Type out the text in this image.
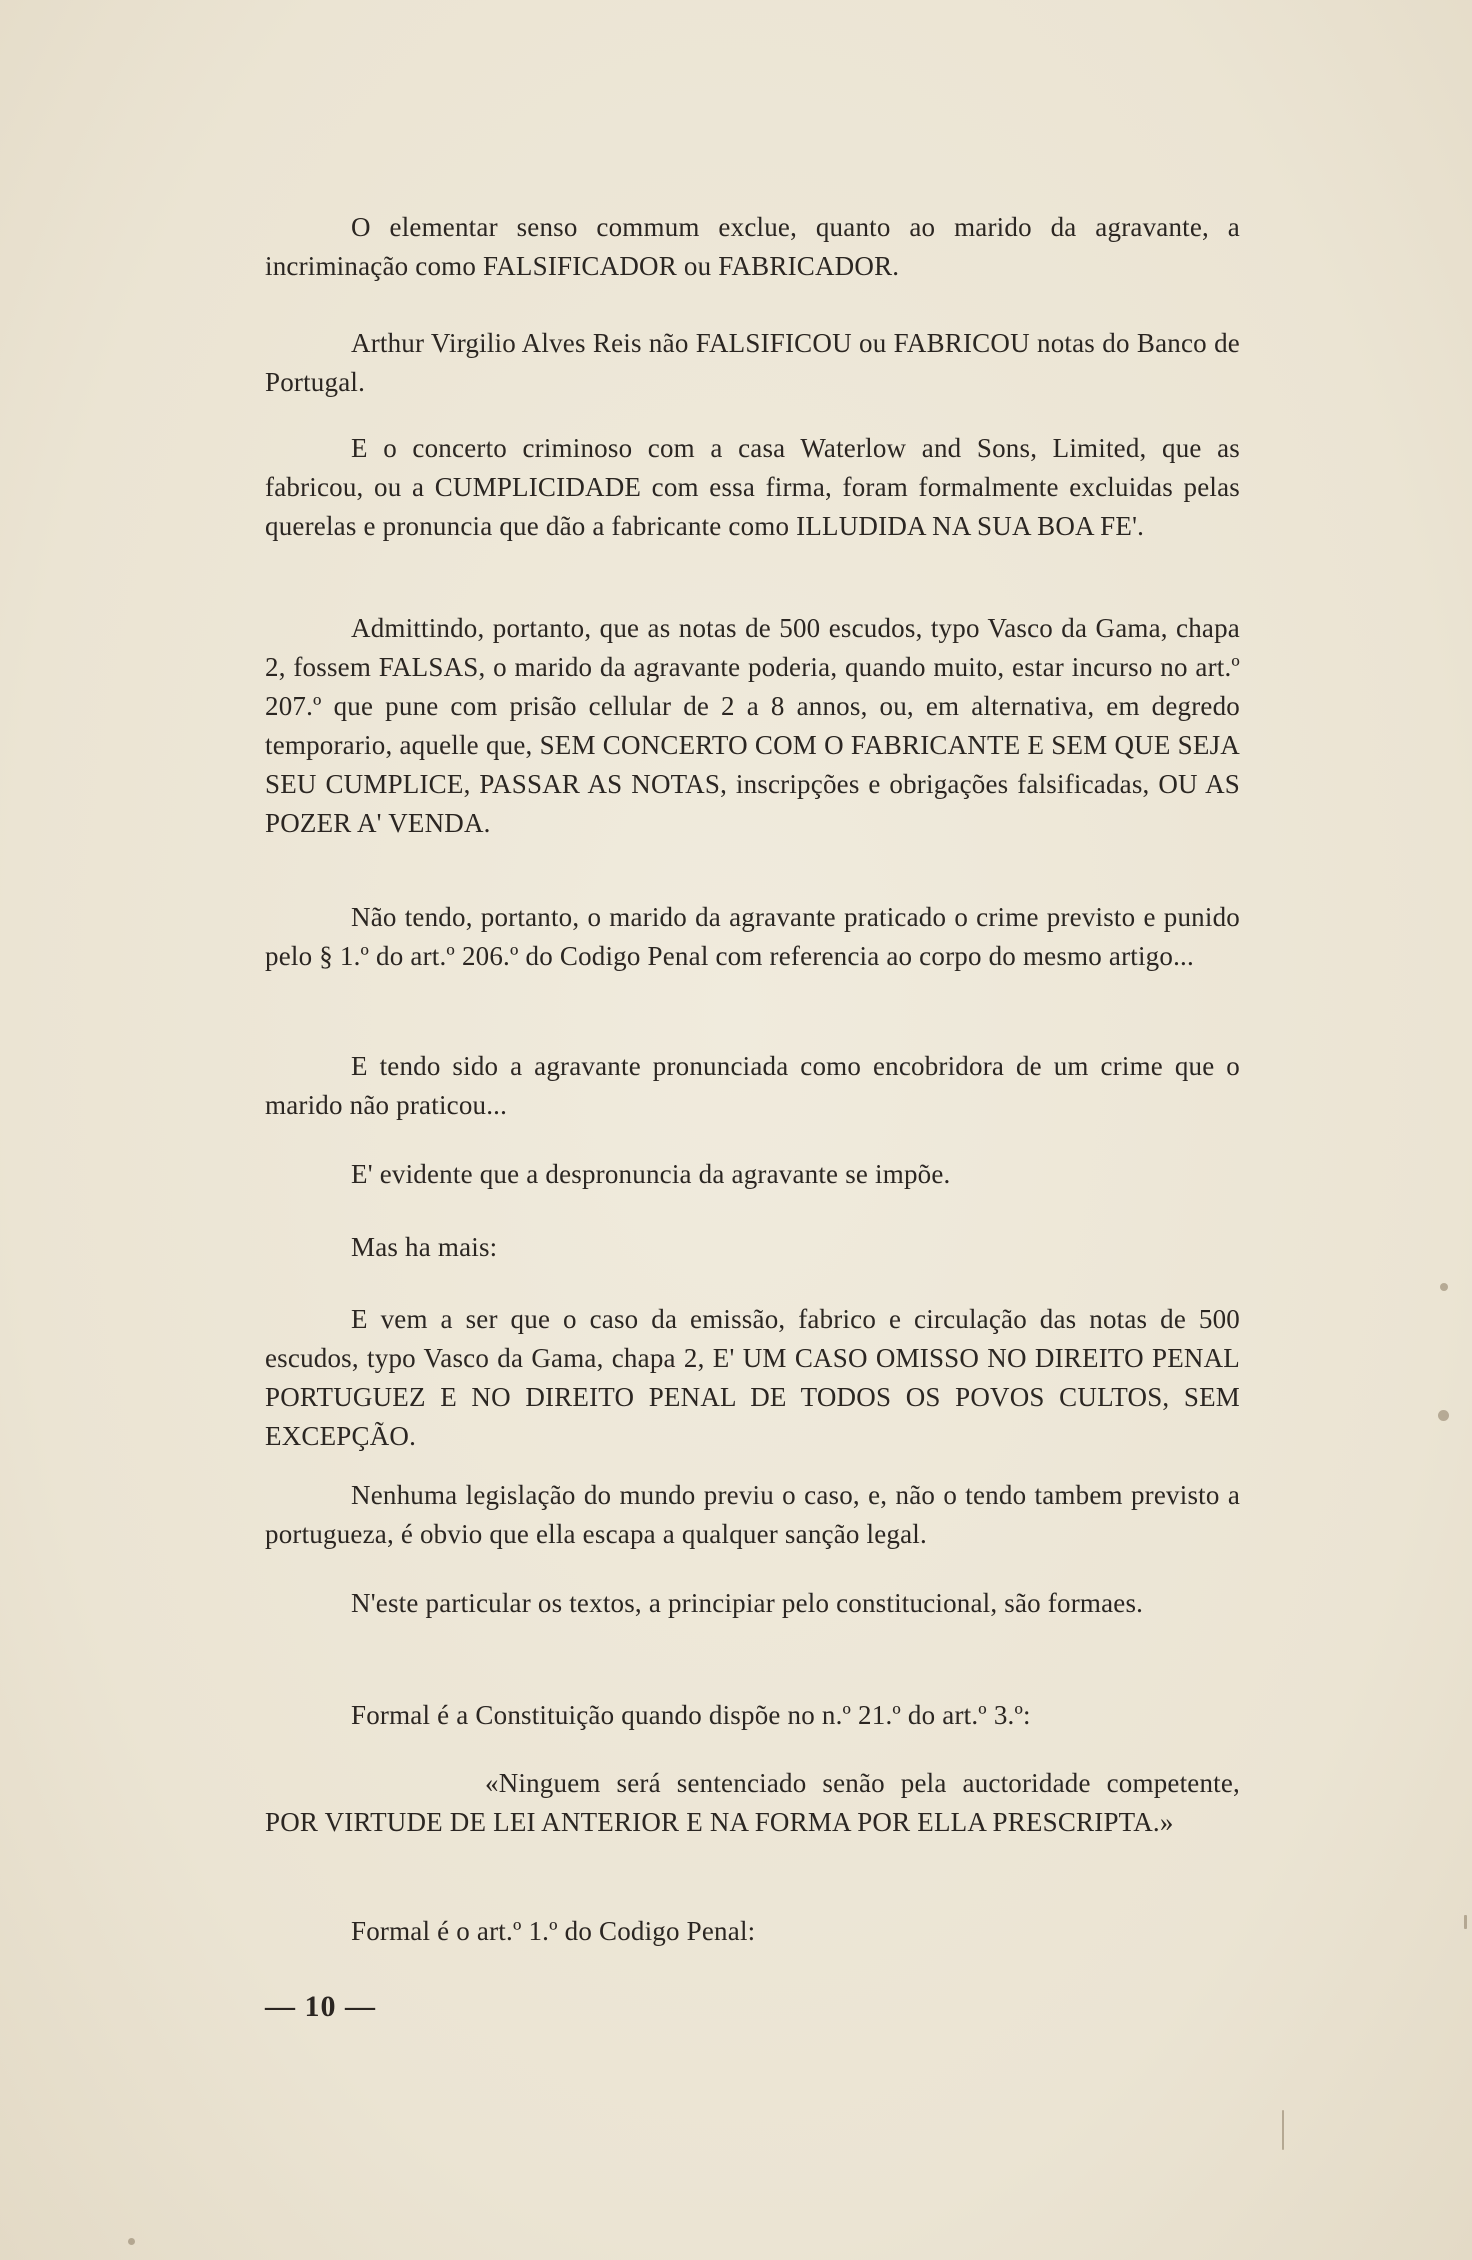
O elementar senso commum exclue, quanto ao marido da agravante, a incriminação como FALSIFICADOR ou FABRICADOR.

Arthur Virgilio Alves Reis não FALSIFICOU ou FABRICOU notas do Banco de Portugal.

E o concerto criminoso com a casa Waterlow and Sons, Limited, que as fabricou, ou a CUMPLICIDADE com essa firma, foram formalmente excluidas pelas querelas e pronuncia que dão a fabricante como ILLUDIDA NA SUA BOA FE'.

Admittindo, portanto, que as notas de 500 escudos, typo Vasco da Gama, chapa 2, fossem FALSAS, o marido da agravante poderia, quando muito, estar incurso no art.º 207.º que pune com prisão cellular de 2 a 8 annos, ou, em alternativa, em degredo temporario, aquelle que, SEM CONCERTO COM O FABRICANTE E SEM QUE SEJA SEU CUMPLICE, PASSAR AS NOTAS, inscripções e obrigações falsificadas, OU AS POZER A' VENDA.

Não tendo, portanto, o marido da agravante praticado o crime previsto e punido pelo § 1.º do art.º 206.º do Codigo Penal com referencia ao corpo do mesmo artigo...

E tendo sido a agravante pronunciada como encobridora de um crime que o marido não praticou...

E' evidente que a despronuncia da agravante se impõe.

Mas ha mais:

E vem a ser que o caso da emissão, fabrico e circulação das notas de 500 escudos, typo Vasco da Gama, chapa 2, E' UM CASO OMISSO NO DIREITO PENAL PORTUGUEZ E NO DIREITO PENAL DE TODOS OS POVOS CULTOS, SEM EXCEPÇÃO.

Nenhuma legislação do mundo previu o caso, e, não o tendo tambem previsto a portugueza, é obvio que ella escapa a qualquer sanção legal.

N'este particular os textos, a principiar pelo constitucional, são formaes.

Formal é a Constituição quando dispõe no n.º 21.º do art.º 3.º:

«Ninguem será sentenciado senão pela auctoridade competente, POR VIRTUDE DE LEI ANTERIOR E NA FORMA POR ELLA PRESCRIPTA.»

Formal é o art.º 1.º do Codigo Penal:

— 10 —
